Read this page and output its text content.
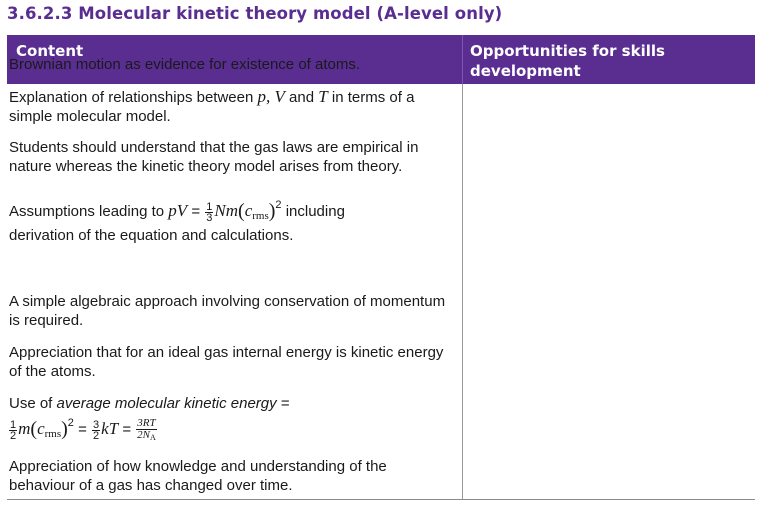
3.6.2.3 Molecular kinetic theory model (A-level only)
Content	Opportunities for skills development
Brownian motion as evidence for existence of atoms.
Explanation of relationships between p, V and T in terms of a simple molecular model.
Students should understand that the gas laws are empirical in nature whereas the kinetic theory model arises from theory.
Assumptions leading to pV = $\frac{1}{3} Nm(c_{rms})^2$ including
derivation of the equation and calculations.
A simple algebraic approach involving conservation of momentum is required.
Appreciation that for an ideal gas internal energy is kinetic energy of the atoms.
Use of average molecular kinetic energy =
$\frac{1}{2} m(c_{rms})^2 = \frac{3}{2}$ kT = $\frac{3RT}{2NA}$
Appreciation of how knowledge and understanding of the behaviour of a gas has changed over time.
